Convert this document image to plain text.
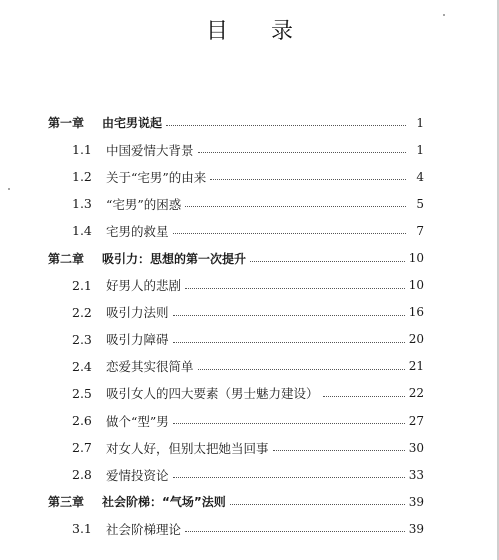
目 录
第一章	由宅男说起	1
1.1	中国爱情大背景	1
1.2	关于“宅男”的由来	4
1.3	“宅男”的困惑	5
1.4	宅男的救星	7
第二章	吸引力：思想的第一次提升	10
2.1	好男人的悲剧	10
2.2	吸引力法则	16
2.3	吸引力障碍	20
2.4	恋爱其实很简单	21
2.5	吸引女人的四大要素（男士魅力建设）	22
2.6	做个“型”男	27
2.7	对女人好，但别太把她当回事	30
2.8	爱情投资论	33
第三章	社会阶梯：“气场”法则	39
3.1	社会阶梯理论	39
